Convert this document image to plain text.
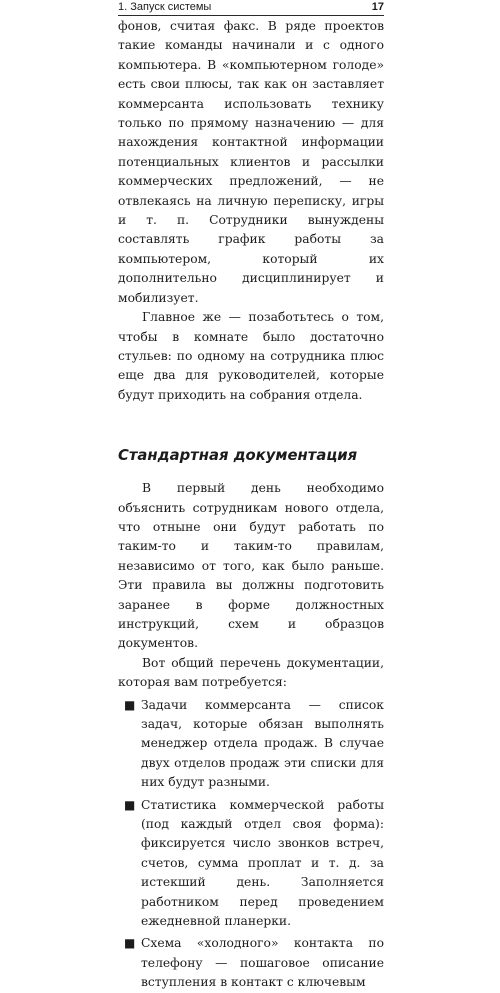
1. Запуск системы	17

фонов, считая факс. В ряде проектов такие команды начинали и с одного компьютера. В «компьютерном голоде» есть свои плюсы, так как он заставляет коммерсанта использовать технику только по прямому назначению — для нахождения контактной информации потенциальных клиентов и рассылки коммерческих предложений, — не отвлекаясь на личную переписку, игры и т. п. Сотрудники вынуждены составлять график работы за компьютером, который их дополнительно дисциплинирует и мобилизует.

Главное же — позаботьтесь о том, чтобы в комнате было достаточно стульев: по одному на сотрудника плюс еще два для руководителей, которые будут приходить на собрания отдела.

Стандартная документация

В первый день необходимо объяснить сотрудникам нового отдела, что отныне они будут работать по таким-то и таким-то правилам, независимо от того, как было раньше. Эти правила вы должны подготовить заранее в форме должностных инструкций, схем и образцов документов.

Вот общий перечень документации, которая вам потребуется:

■ Задачи коммерсанта — список задач, которые обязан выполнять менеджер отдела продаж. В случае двух отделов продаж эти списки для них будут разными.
■ Статистика коммерческой работы (под каждый отдел своя форма): фиксируется число звонков встреч, счетов, сумма проплат и т. д. за истекший день. Заполняется работником перед проведением ежедневной планерки.
■ Схема «холодного» контакта по телефону — пошаговое описание вступления в контакт с ключевым
